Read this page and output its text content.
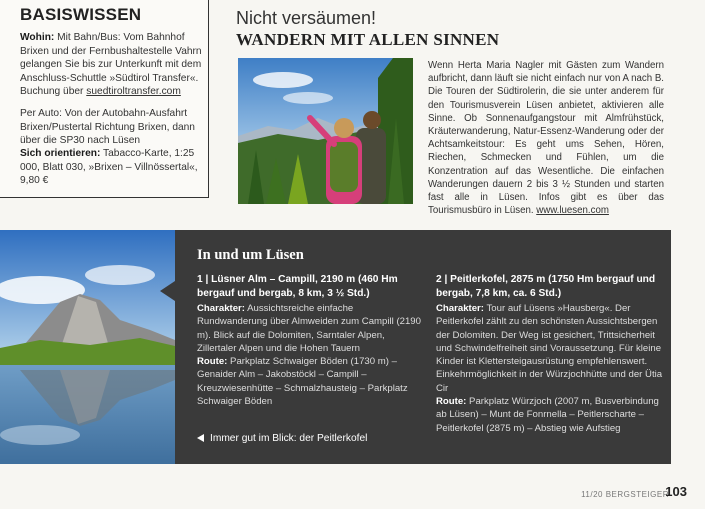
BASISWISSEN
Wohin: Mit Bahn/Bus: Vom Bahnhof Brixen und der Fernbushaltestelle Vahrn gelangen Sie bis zur Unterkunft mit dem Anschluss-Schuttle »Südtirol Transfer«. Buchung über suedtiroltransfer.com
Per Auto: Von der Autobahn-Ausfahrt Brixen/Pustertal Richtung Brixen, dann über die SP30 nach Lüsen
Sich orientieren: Tabacco-Karte, 1:25 000, Blatt 030, »Brixen – Villnössertal«, 9,80 €
Nicht versäumen!
WANDERN MIT ALLEN SINNEN
Wenn Herta Maria Nagler mit Gästen zum Wandern aufbricht, dann läuft sie nicht einfach nur von A nach B. Die Touren der Südtirolerin, die sie unter anderem für den Tourismusverein Lüsen anbietet, aktivieren alle Sinne. Ob Sonnenaufgangstour mit Almfrühstück, Kräuterwanderung, Natur-Essenz-Wanderung oder der Achtsamkeitstour: Es geht ums Sehen, Hören, Riechen, Schmecken und Fühlen, um die Konzentration auf das Wesentliche. Die einfachen Wanderungen dauern 2 bis 3 ½ Stunden und starten fast alle in Lüsen. Infos gibt es über das Tourismusbüro in Lüsen. www.luesen.com
In und um Lüsen
1 | Lüsner Alm – Campill, 2190 m (460 Hm bergauf und bergab, 8 km, 3 ½ Std.)
Charakter: Aussichtsreiche einfache Rundwanderung über Almweiden zum Campill (2190 m). Blick auf die Dolomiten, Sarntaler Alpen, Zillertaler Alpen und die Hohen Tauern
Route: Parkplatz Schwaiger Böden (1730 m) – Genaider Alm – Jakobstöckl – Campill – Kreuzwiesenhütte – Schmalzhausteig – Parkplatz Schwaiger Böden
2 | Peitlerkofel, 2875 m (1750 Hm bergauf und bergab, 7,8 km, ca. 6 Std.)
Charakter: Tour auf Lüsens »Hausberg«. Der Peitlerkofel zählt zu den schönsten Aussichtsbergen der Dolomiten. Der Weg ist gesichert, Trittsicherheit und Schwindelfreiheit sind Voraussetzung. Für kleine Kinder ist Klettersteigausrüstung empfehlenswert. Einkehrmöglichkeit in der Würzjochhütte und der Ütia Cir
Route: Parkplatz Würzjoch (2007 m, Busverbindung ab Lüsen) – Munt de Fonrnella – Peitlerscharte – Peitlerkofel (2875 m) – Abstieg wie Aufstieg
Immer gut im Blick: der Peitlerkofel
11/20 BERGSTEIGER
103
